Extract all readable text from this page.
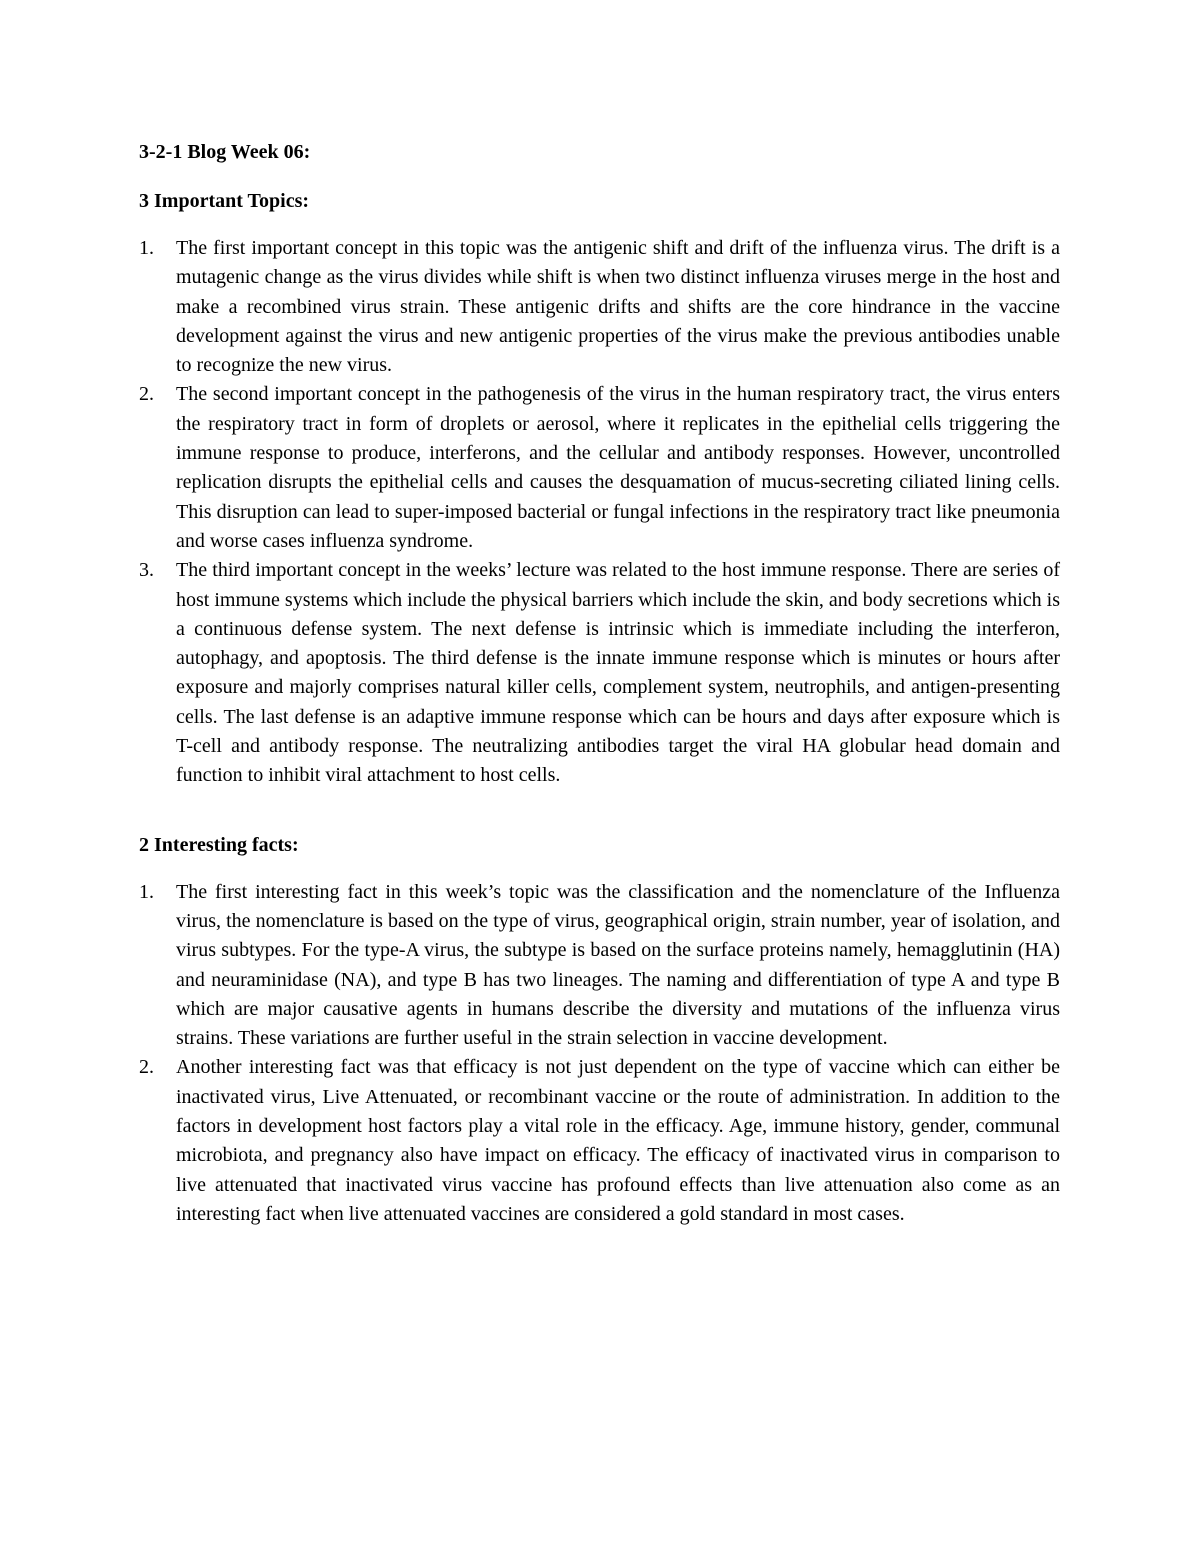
3-2-1 Blog Week 06:

3 Important Topics:

1. The first important concept in this topic was the antigenic shift and drift of the influenza virus. The drift is a mutagenic change as the virus divides while shift is when two distinct influenza viruses merge in the host and make a recombined virus strain. These antigenic drifts and shifts are the core hindrance in the vaccine development against the virus and new antigenic properties of the virus make the previous antibodies unable to recognize the new virus.
2. The second important concept in the pathogenesis of the virus in the human respiratory tract, the virus enters the respiratory tract in form of droplets or aerosol, where it replicates in the epithelial cells triggering the immune response to produce, interferons, and the cellular and antibody responses. However, uncontrolled replication disrupts the epithelial cells and causes the desquamation of mucus-secreting ciliated lining cells. This disruption can lead to super-imposed bacterial or fungal infections in the respiratory tract like pneumonia and worse cases influenza syndrome.
3. The third important concept in the weeks’ lecture was related to the host immune response. There are series of host immune systems which include the physical barriers which include the skin, and body secretions which is a continuous defense system. The next defense is intrinsic which is immediate including the interferon, autophagy, and apoptosis. The third defense is the innate immune response which is minutes or hours after exposure and majorly comprises natural killer cells, complement system, neutrophils, and antigen-presenting cells. The last defense is an adaptive immune response which can be hours and days after exposure which is T-cell and antibody response. The neutralizing antibodies target the viral HA globular head domain and function to inhibit viral attachment to host cells.

2 Interesting facts:

1. The first interesting fact in this week’s topic was the classification and the nomenclature of the Influenza virus, the nomenclature is based on the type of virus, geographical origin, strain number, year of isolation, and virus subtypes. For the type-A virus, the subtype is based on the surface proteins namely, hemagglutinin (HA) and neuraminidase (NA), and type B has two lineages. The naming and differentiation of type A and type B which are major causative agents in humans describe the diversity and mutations of the influenza virus strains. These variations are further useful in the strain selection in vaccine development.
2. Another interesting fact was that efficacy is not just dependent on the type of vaccine which can either be inactivated virus, Live Attenuated, or recombinant vaccine or the route of administration. In addition to the factors in development host factors play a vital role in the efficacy. Age, immune history, gender, communal microbiota, and pregnancy also have impact on efficacy. The efficacy of inactivated virus in comparison to live attenuated that inactivated virus vaccine has profound effects than live attenuation also come as an interesting fact when live attenuated vaccines are considered a gold standard in most cases.
